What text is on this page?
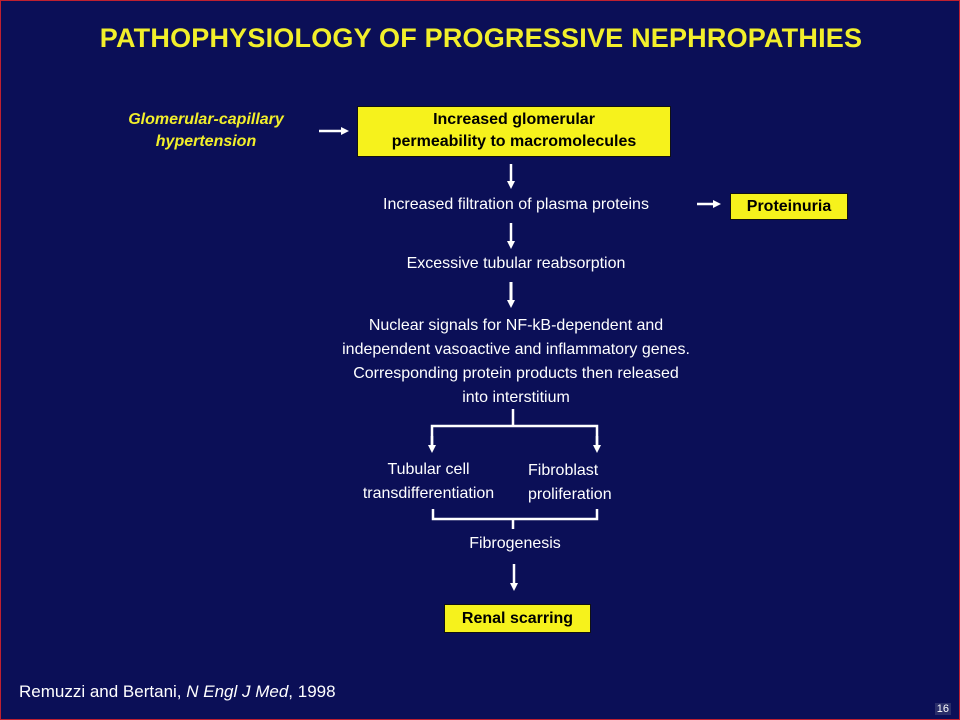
PATHOPHYSIOLOGY OF PROGRESSIVE NEPHROPATHIES
Glomerular-capillary
hypertension
Increased glomerular
permeability to macromolecules
Increased filtration of plasma proteins	Proteinuria
Excessive tubular reabsorption
Nuclear signals for NF-kB-dependent and
independent vasoactive and inflammatory genes.
Corresponding protein products then released
into interstitium
Tubular cell
transdifferentiation
Fibroblast
proliferation
Fibrogenesis
Renal scarring
Remuzzi and Bertani, N Engl J Med, 1998
16
